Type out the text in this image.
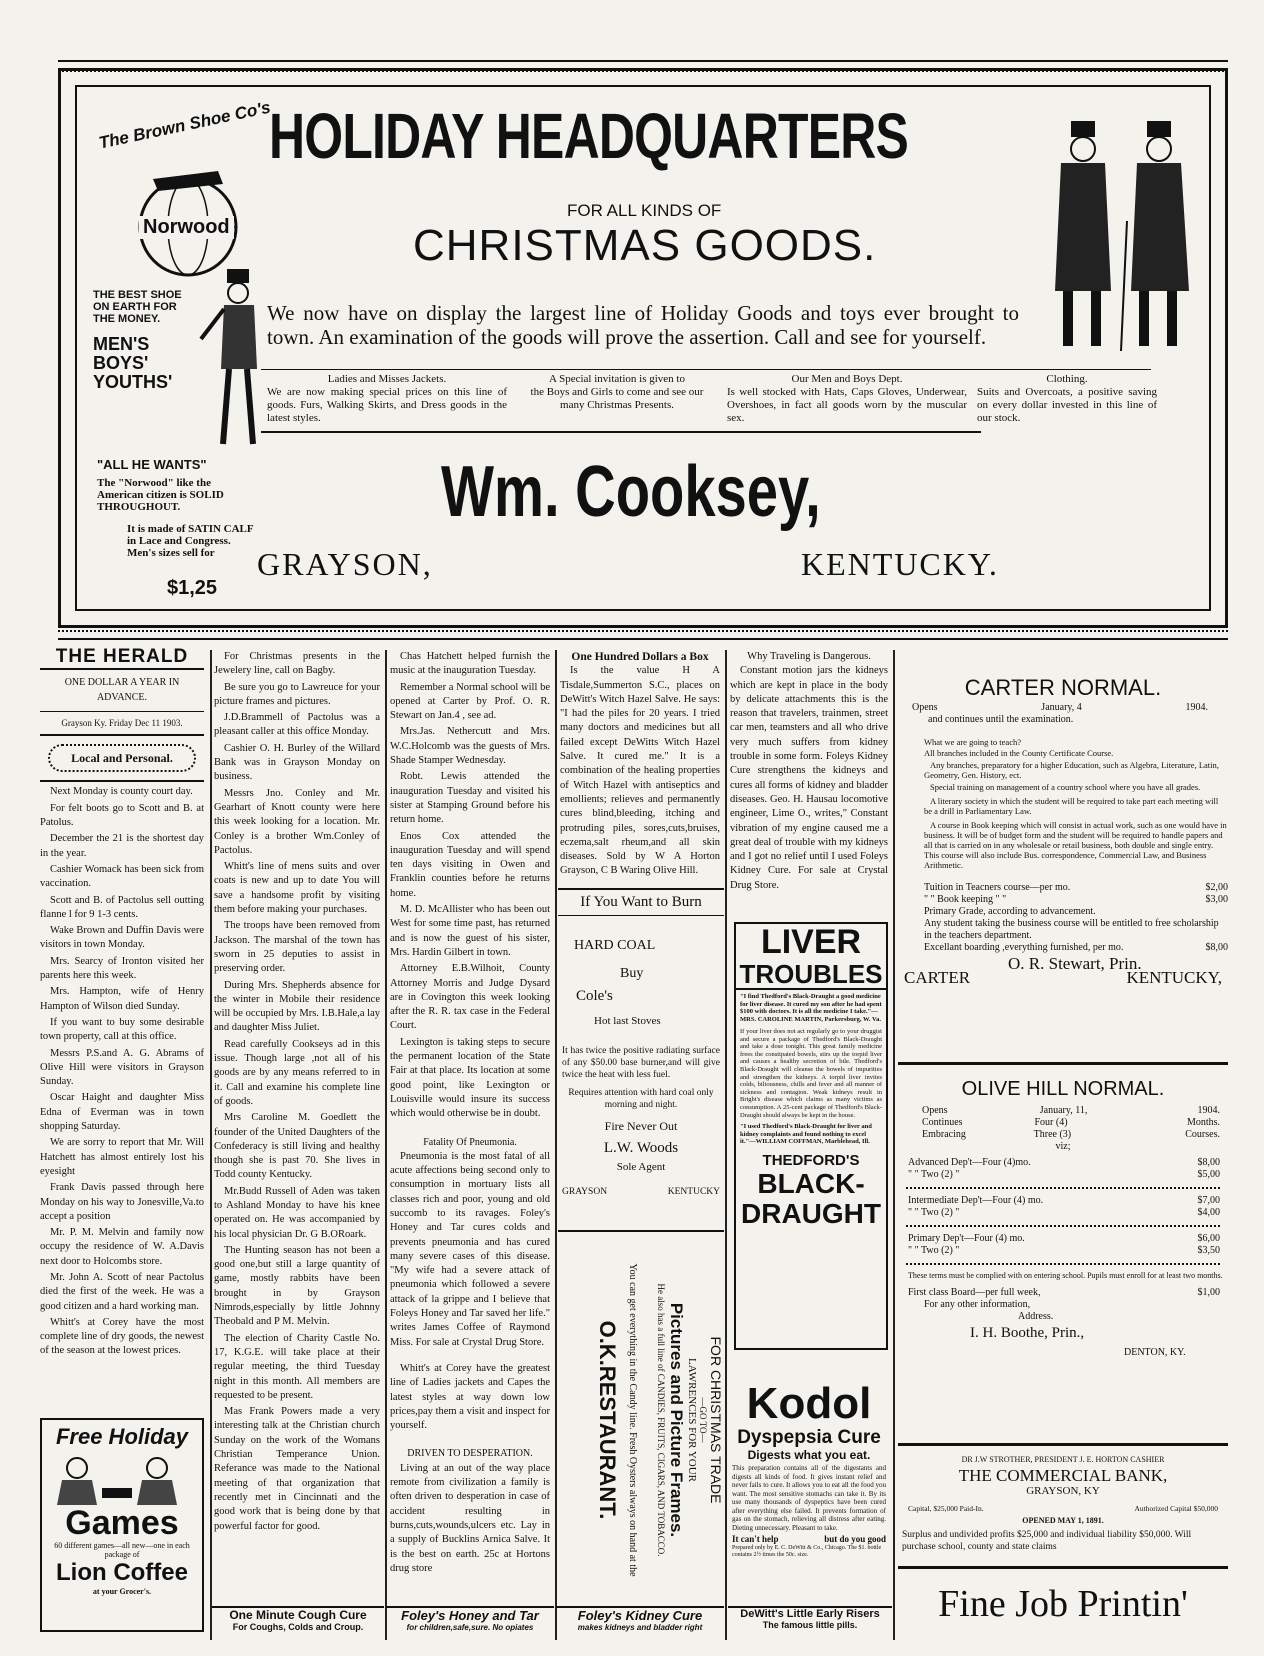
The Brown Shoe Co's
Norwood
THE BEST SHOE ON EARTH FOR THE MONEY.
MEN'S BOYS' YOUTHS'
"ALL HE WANTS"
The "Norwood" like the American citizen is SOLID THROUGHOUT.
It is made of SATIN CALF in Lace and Congress. Men's sizes sell for
$1,25
HOLIDAY HEADQUARTERS
FOR ALL KINDS OF
CHRISTMAS GOODS.
We now have on display the largest line of Holiday Goods and toys ever brought to town. An examination of the goods will prove the assertion. Call and see for yourself.
Ladies and Misses Jackets.
We are now making special prices on this line of goods. Furs, Walking Skirts, and Dress goods in the latest styles.
A Special invitation is given to
the Boys and Girls to come and see our many Christmas Presents.
Our Men and Boys Dept.
Is well stocked with Hats, Caps Gloves, Underwear, Overshoes, in fact all goods worn by the muscular sex.
Clothing.
Suits and Overcoats, a positive saving on every dollar invested in this line of our stock.
Wm. Cooksey,
GRAYSON,	KENTUCKY.
THE HERALD
ONE DOLLAR A YEAR IN ADVANCE.
Grayson Ky. Friday Dec 11 1903.
Local and Personal.

Next Monday is county court day.

For felt boots go to Scott and B. at Patolus.

December the 21 is the shortest day in the year.

Cashier Womack has been sick from vaccination.

Scott and B. of Pactolus sell outting flanne l for 9 1-3 cents.

Wake Brown and Duffin Davis were visitors in town Monday.

Mrs. Searcy of Ironton visited her parents here this week.

Mrs. Hampton, wife of Henry Hampton of Wilson died Sunday.

If you want to buy some desirable town property, call at this office.

Messrs P.S.and A. G. Abrams of Olive Hill were visitors in Grayson Sunday.

Oscar Haight and daughter Miss Edna of Everman was in town shopping Saturday.

We are sorry to report that Mr. Will Hatchett has almost entirely lost his eyesight

Frank Davis passed through here Monday on his way to Jonesville,Va.to accept a position

Mr. P. M. Melvin and family now occupy the residence of W. A.Davis next door to Holcombs store.

Mr. John A. Scott of near Pactolus died the first of the week. He was a good citizen and a hard working man.

Whitt's at Corey have the most complete line of dry goods, the newest of the season at the lowest prices.

Free Holiday
Games
60 different games—all new—one in each package of
Lion Coffee
at your Grocer's.

For Christmas presents in the Jewelery line, call on Bagby.

Be sure you go to Lawreuce for your picture frames and pictures.

J.D.Brammell of Pactolus was a pleasant caller at this office Monday.

Cashier O. H. Burley of the Willard Bank was in Grayson Monday on business.

Messrs Jno. Conley and Mr. Gearhart of Knott county were here this week looking for a location. Mr. Conley is a brother Wm.Conley of Pactolus.

Whitt's line of mens suits and over coats is new and up to date You will save a handsome profit by visiting them before making your purchases.

The troops have been removed from Jackson. The marshal of the town has sworn in 25 deputies to assist in preserving order.

During Mrs. Shepherds absence for the winter in Mobile their residence will be occupied by Mrs. I.B.Hale,a lay and daughter Miss Juliet.

Read carefully Cookseys ad in this issue. Though large ,not all of his goods are by any means referred to in it. Call and examine his complete line of goods.

Mrs Caroline M. Goedlett the founder of the United Daughters of the Confederacy is still living and healthy though she is past 70. She lives in Todd county Kentucky.

Mr.Budd Russell of Aden was taken to Ashland Monday to have his knee operated on. He was accompanied by his local physician Dr. G B.ORoark.

The Hunting season has not been a good one,but still a large quantity of game, mostly rabbits have been brought in by Grayson Nimrods,especially by little Johnny Theobald and P M. Melvin.

The election of Charity Castle No. 17, K.G.E. will take place at their regular meeting, the third Tuesday night in this month. All members are requested to be present.

Mas Frank Powers made a very interesting talk at the Christian church Sunday on the work of the Womans Christian Temperance Union. Referance was made to the National meeting of that organization that recently met in Cincinnati and the good work that is being done by that powerful factor for good.

One Minute Cough Cure
For Coughs, Colds and Croup.

Chas Hatchett helped furnish the music at the inauguration Tuesday.

Remember a Normal school will be opened at Carter by Prof. O. R. Stewart on Jan.4 , see ad.

Mrs.Jas. Nethercutt and Mrs. W.C.Holcomb was the guests of Mrs. Shade Stamper Wednesday.

Robt. Lewis attended the inauguration Tuesday and visited his sister at Stamping Ground before his return home.

Enos Cox attended the inauguration Tuesday and will spend ten days visiting in Owen and Franklin counties before he returns home.

M. D. McAllister who has been out West for some time past, has returned and is now the guest of his sister, Mrs. Hardin Gilbert in town.

Attorney E.B.Wilhoit, County Attorney Morris and Judge Dysard are in Covington this week looking after the R. R. tax case in the Federal Court.

Lexington is taking steps to secure the permanent location of the State Fair at that place. Its location at some good point, like Lexington or Louisville would insure its success which would otherwise be in doubt.

Fatality Of Pneumonia.

Pneumonia is the most fatal of all acute affections being second only to consumption in mortuary lists all classes rich and poor, young and old succomb to its ravages. Foley's Honey and Tar cures colds and prevents pneumonia and has cured many severe cases of this disease. "My wife had a severe attack of pneumonia which followed a severe attack of la grippe and I believe that Foleys Honey and Tar saved her life." writes James Coffee of Raymond Miss. For sale at Crystal Drug Store.

Whitt's at Corey have the greatest line of Ladies jackets and Capes the latest styles at way down low prices,pay them a visit and inspect for yourself.

DRIVEN TO DESPERATION.

Living at an out of the way place remote from civilization a family is often driven to desperation in case of accident resulting in burns,cuts,wounds,ulcers etc. Lay in a supply of Bucklins Arnica Salve. It is the best on earth. 25c at Hortons drug store

Foley's Honey and Tar
for children,safe,sure. No opiates
One Hundred Dollars a Box

Is the value H A Tisdale,Summerton S.C., places on DeWitt's Witch Hazel Salve. He says: "I had the piles for 20 years. I tried many doctors and medicines but all failed except DeWitts Witch Hazel Salve. It cured me." It is a combination of the healing properties of Witch Hazel with antiseptics and emollients; relieves and permanently cures blind,bleeding, itching and protruding piles, sores,cuts,bruises, eczema,salt rheum,and all skin diseases. Sold by W A Horton Grayson, C B Waring Olive Hill.

If You Want to Burn
HARD COAL
Buy
Cole's
Hot last Stoves
It has twice the positive radiating surface of any $50.00 base burner,and will give twice the heat with less fuel.
Requires attention with hard coal only morning and night.
Fire Never Out
L.W. Woods
Sole Agent
GRAYSON	KENTUCKY
You can get everything in the Candy line. Fresh Oysters always on hand at the
O.K.RESTAURANT.	FOR CHRISTMAS TRADE
—GO TO—
LAWRENCES FOR YOUR
Pictures and Picture Frames.
He also has a full line of CANDIES, FRUITS, CIGARS, AND TOBACCO.
Foley's Kidney Cure
makes kidneys and bladder right
Why Traveling is Dangerous.

Constant motion jars the kidneys which are kept in place in the body by delicate attachments this is the reason that travelers, trainmen, street car men, teamsters and all who drive very much suffers from kidney trouble in some form. Foleys Kidney Cure strengthens the kidneys and cures all forms of kidney and bladder diseases. Geo. H. Hausau locomotive engineer, Lime O., writes," Constant vibration of my engine caused me a great deal of trouble with my kidneys and I got no relief until I used Foleys Kidney Cure. For sale at Crystal Drug Store.

LIVER
TROUBLES
"I find Thedford's Black-Draught a good medicine for liver disease. It cured my son after he had spent $100 with doctors. It is all the medicine I take."—MRS. CAROLINE MARTIN, Parkersburg, W. Va.
If your liver does not act regularly go to your druggist and secure a package of Thedford's Black-Draught and take a dose tonight. This great family medicine frees the constipated bowels, stirs up the torpid liver and causes a healthy secretion of bile. Thedford's Black-Draught will cleanse the bowels of impurities and strengthen the kidneys. A torpid liver invites colds, biliousness, chills and fever and all manner of sickness and contagion. Weak kidneys result in Bright's disease which claims as many victims as consumption. A 25-cent package of Thedford's Black-Draught should always be kept in the house.
"I used Thedford's Black-Draught for liver and kidney complaints and found nothing to excel it."—WILLIAM COFFMAN, Marblehead, Ill.
THEDFORD'S
BLACK-
DRAUGHT
Kodol
Dyspepsia Cure
Digests what you eat.
This preparation contains all of the digestants and digests all kinds of food. It gives instant relief and never fails to cure. It allows you to eat all the food you want. The most sensitive stomachs can take it. By its use many thousands of dyspeptics have been cured after everything else failed. It prevents formation of gas on the stomach, relieving all distress after eating. Dieting unnecessary. Pleasant to take.
It can't help	but do you good
Prepared only by E. C. DeWitt & Co., Chicago. The $1. bottle contains 2½ times the 50c. size.
DeWitt's Little Early Risers
The famous little pills.
CARTER NORMAL.
Opens	January, 4	1904.
and continues until the examination.
What we are going to teach?
All branches included in the County Certificate Course.
Any branches, preparatory for a higher Education, such as Algebra, Literature, Latin, Geometry, Gen. History, ect.
Special training on management of a country school where you have all grades.
A literary society in which the student will be required to take part each meeting will be a drill in Parliamentary Law.
A course in Book keeping which will consist in actual work, such as one would have in business. It will be of budget form and the student will be required to handle papers and all that is carried on in any wholesale or retail business, both double and single entry. This course will also include Bus. correspondence, Commercial Law, and Business Arithmetic.
Tuition in Teacners course—per mo.	$2,00
" " Book keeping " "	$3,00
Primary Grade, according to advancement.
Any student taking the business course will be entitled to free scholarship in the teachers department.
Excellant boarding ,everything furnished, per mo.	$8,00
O. R. Stewart, Prin.
CARTER	KENTUCKY,
OLIVE HILL NORMAL.
Opens	January, 11,	1904.
Continues	Four (4)	Months.
Embracing	Three (3)	Courses.
viz;
Advanced Dep't—Four (4)mo.	$8,00
" " Two (2) "	$5,00
Intermediate Dep't—Four (4) mo.	$7,00
" " Two (2) "	$4,00
Primary Dep't—Four (4) mo.	$6,00
" " Two (2) "	$3,50
These terms must be complied with on entering school. Pupils must enroll for at least two months.
First class Board—per full week,	$1,00
For any other information,
Address.
I. H. Boothe, Prin.,
DENTON, KY.
DR J.W STROTHER, PRESIDENT J. E. HORTON CASHIER
THE COMMERCIAL BANK,
GRAYSON, KY
Capital, $25,000 Paid-In.	Authorized Capital $50,000
OPENED MAY 1, 1891.
Surplus and undivided profits $25,000 and individual liability $50,000. Will purchase school, county and state claims
Fine Job Printin'
